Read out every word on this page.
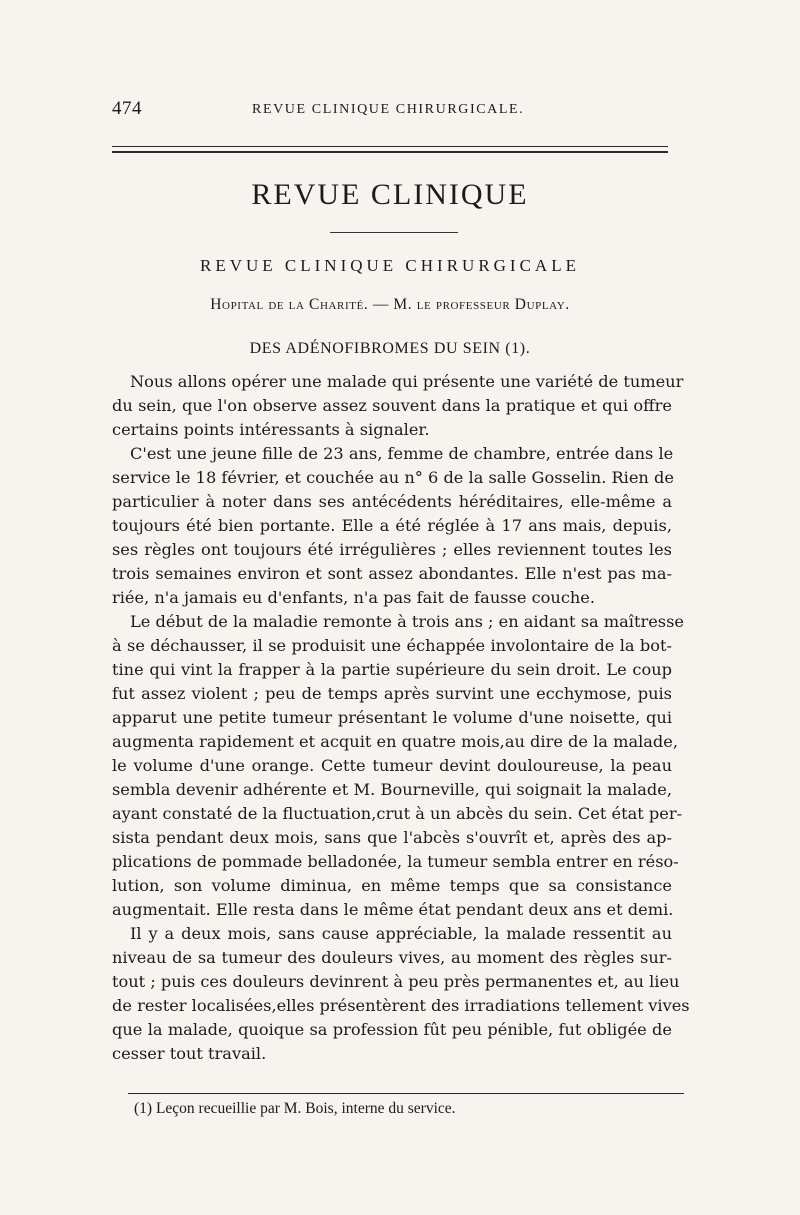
474	REVUE CLINIQUE CHIRURGICALE.
REVUE CLINIQUE
REVUE CLINIQUE CHIRURGICALE
Hopital de la Charité. — M. le professeur Duplay.
DES ADÉNOFIBROMES DU SEIN (1).
Nous allons opérer une malade qui présente une variété de tumeur
du sein, que l'on observe assez souvent dans la pratique et qui offre
certains points intéressants à signaler.
C'est une jeune fille de 23 ans, femme de chambre, entrée dans le
service le 18 février, et couchée au n° 6 de la salle Gosselin. Rien de
particulier à noter dans ses antécédents héréditaires, elle-même a
toujours été bien portante. Elle a été réglée à 17 ans mais, depuis,
ses règles ont toujours été irrégulières ; elles reviennent toutes les
trois semaines environ et sont assez abondantes. Elle n'est pas ma-
riée, n'a jamais eu d'enfants, n'a pas fait de fausse couche.
Le début de la maladie remonte à trois ans ; en aidant sa maîtresse
à se déchausser, il se produisit une échappée involontaire de la bot-
tine qui vint la frapper à la partie supérieure du sein droit. Le coup
fut assez violent ; peu de temps après survint une ecchymose, puis
apparut une petite tumeur présentant le volume d'une noisette, qui
augmenta rapidement et acquit en quatre mois,au dire de la malade,
le volume d'une orange. Cette tumeur devint douloureuse, la peau
sembla devenir adhérente et M. Bourneville, qui soignait la malade,
ayant constaté de la fluctuation,crut à un abcès du sein. Cet état per-
sista pendant deux mois, sans que l'abcès s'ouvrît et, après des ap-
plications de pommade belladonée, la tumeur sembla entrer en réso-
lution, son volume diminua, en même temps que sa consistance
augmentait. Elle resta dans le même état pendant deux ans et demi.
Il y a deux mois, sans cause appréciable, la malade ressentit au
niveau de sa tumeur des douleurs vives, au moment des règles sur-
tout ; puis ces douleurs devinrent à peu près permanentes et, au lieu
de rester localisées,elles présentèrent des irradiations tellement vives
que la malade, quoique sa profession fût peu pénible, fut obligée de
cesser tout travail.
(1) Leçon recueillie par M. Bois, interne du service.
